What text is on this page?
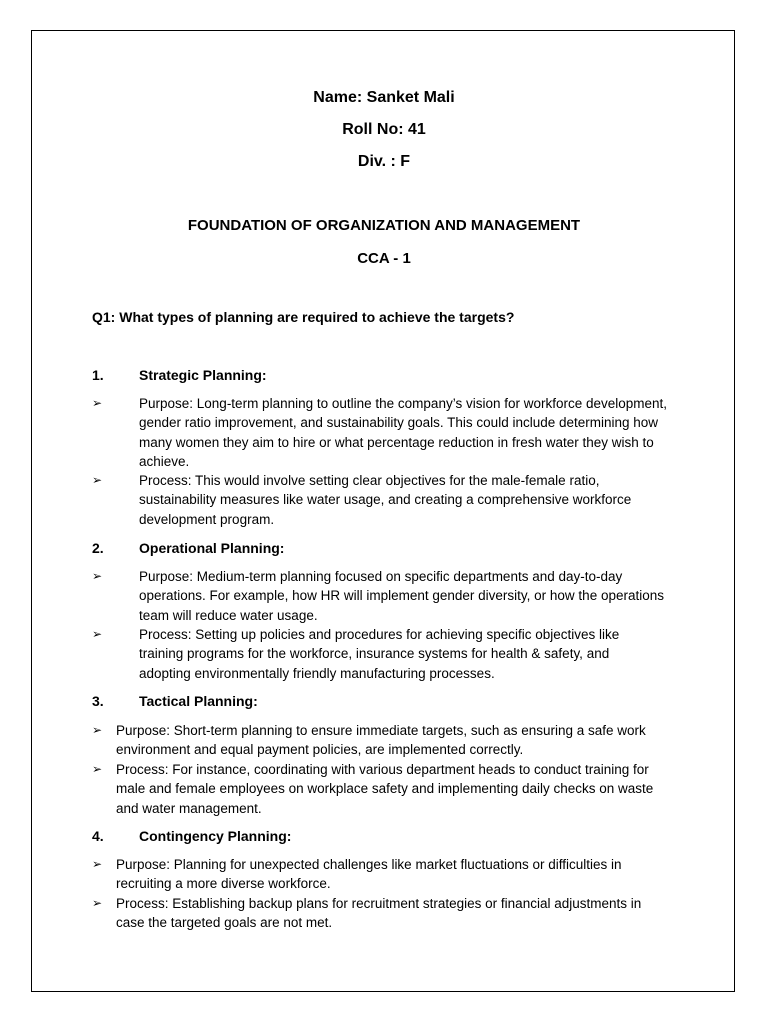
Name: Sanket Mali
Roll No: 41
Div. : F
FOUNDATION OF ORGANIZATION AND MANAGEMENT
CCA - 1
Q1: What types of planning are required to achieve the targets?
1.	Strategic Planning:
➢	Purpose: Long-term planning to outline the company’s vision for workforce development, gender ratio improvement, and sustainability goals. This could include determining how many women they aim to hire or what percentage reduction in fresh water they wish to achieve.
➢	Process: This would involve setting clear objectives for the male-female ratio, sustainability measures like water usage, and creating a comprehensive workforce development program.
2.	Operational Planning:
➢	Purpose: Medium-term planning focused on specific departments and day-to-day operations. For example, how HR will implement gender diversity, or how the operations team will reduce water usage.
➢	Process: Setting up policies and procedures for achieving specific objectives like training programs for the workforce, insurance systems for health & safety, and adopting environmentally friendly manufacturing processes.
3.	Tactical Planning:
➢ Purpose: Short-term planning to ensure immediate targets, such as ensuring a safe work environment and equal payment policies, are implemented correctly.
➢ Process: For instance, coordinating with various department heads to conduct training for male and female employees on workplace safety and implementing daily checks on waste and water management.
4.	Contingency Planning:
➢ Purpose: Planning for unexpected challenges like market fluctuations or difficulties in recruiting a more diverse workforce.
➢ Process: Establishing backup plans for recruitment strategies or financial adjustments in case the targeted goals are not met.
